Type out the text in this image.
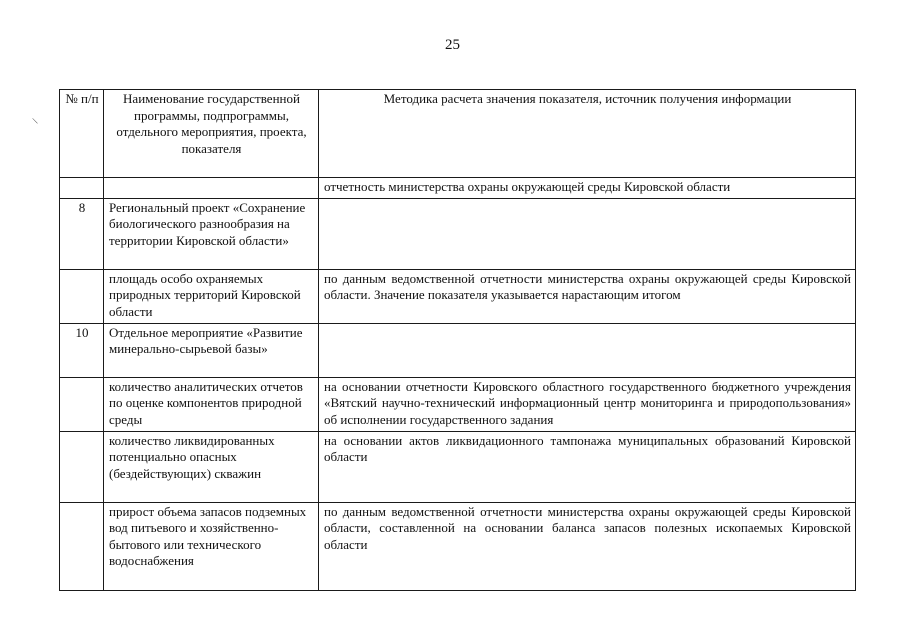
25
\
№ п/п	Наименование государственной программы, подпрограммы, отдельного мероприятия, проекта, показателя	Методика расчета значения показателя, источник получения информации
		отчетность министерства охраны окружающей среды Кировской области
8	Региональный проект «Сохранение биологического разнообразия на территории Кировской области»	
	площадь особо охраняемых природных территорий Кировской области	по данным ведомственной отчетности министерства охраны окружающей среды Кировской области. Значение показателя указывается нарастающим итогом
10	Отдельное мероприятие «Развитие минерально-сырьевой базы»	
	количество аналитических отчетов по оценке компонентов природной среды	на основании отчетности Кировского областного государственного бюджетного учреждения «Вятский научно-технический информационный центр мониторинга и природопользования» об исполнении государственного задания
	количество ликвидированных потенциально опасных (бездействующих) скважин	на основании актов ликвидационного тампонажа муниципальных образований Кировской области
	прирост объема запасов подземных вод питьевого и хозяйственно-бытового или технического водоснабжения	по данным ведомственной отчетности министерства охраны окружающей среды Кировской области, составленной на основании баланса запасов полезных ископаемых Кировской области
